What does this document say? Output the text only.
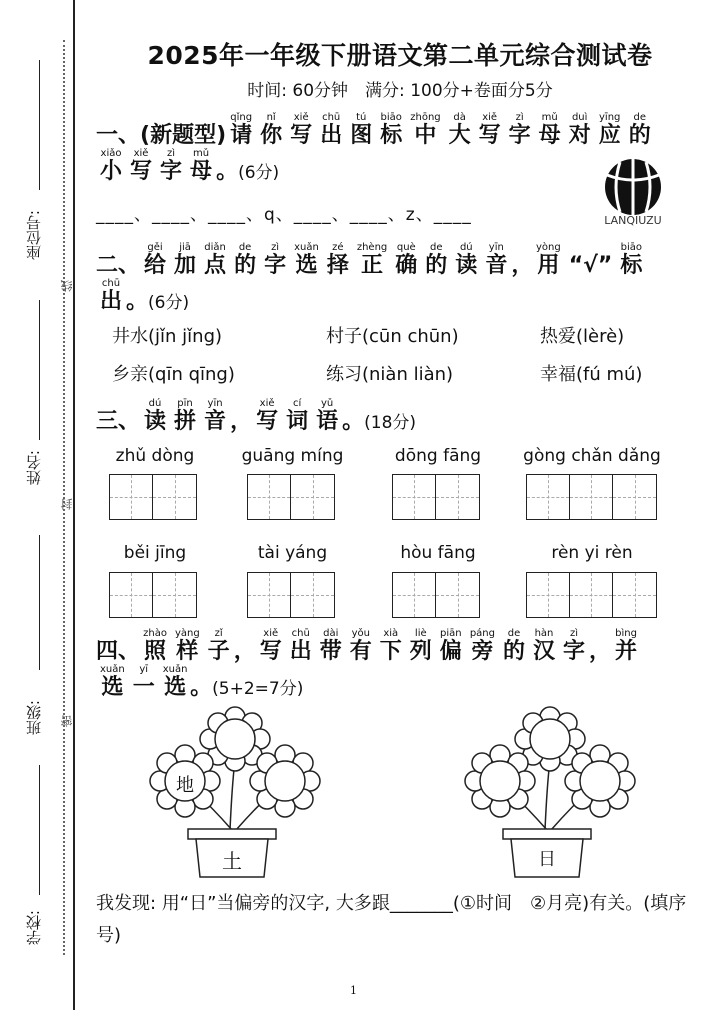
座位号:
姓名:
班级:
学校:
线
封
密
2025年一年级下册语文第二单元综合测试卷
时间: 60分钟　满分: 100分+卷面分5分
一、(新题型) 请qǐng你nǐ写xiě出chū图tú标biāo中zhōng大dà写xiě字zì母mǔ对duì应yīng的de
小xiǎo写xiě字zì母mǔ。(6分)
____、____、____、q、____、____、z、____	LANQIUZU
二、 给gěi加jiā点diǎn的de字zì选xuǎn择zé正zhèng确què的de读dú音yīn， 用yòng“√” 标biāo
出chū。(6分)
井水(jǐn jǐng)	村子(cūn chūn)	热爱(lèrè)
乡亲(qīn qīng)	练习(niàn liàn)	幸福(fú mú)
三、 读dú拼pīn音yīn， 写xiě词cí语yǔ。(18分)
zhǔ dòng	guāng míng	dōng fāng	gòng chǎn dǎng
běi jīng	tài yáng	hòu fāng	rèn yi rèn
四、 照zhào样yàng子zǐ， 写xiě出chū带dài有yǒu下xià列liè偏piān旁páng的de汉hàn字zì， 并bìng
选xuǎn一yī选xuǎn。(5+2=7分)
地
土	日
我发现: 用“日”当偏旁的汉字, 大多跟_______(①时间　②月亮)有关。(填序号)
1
